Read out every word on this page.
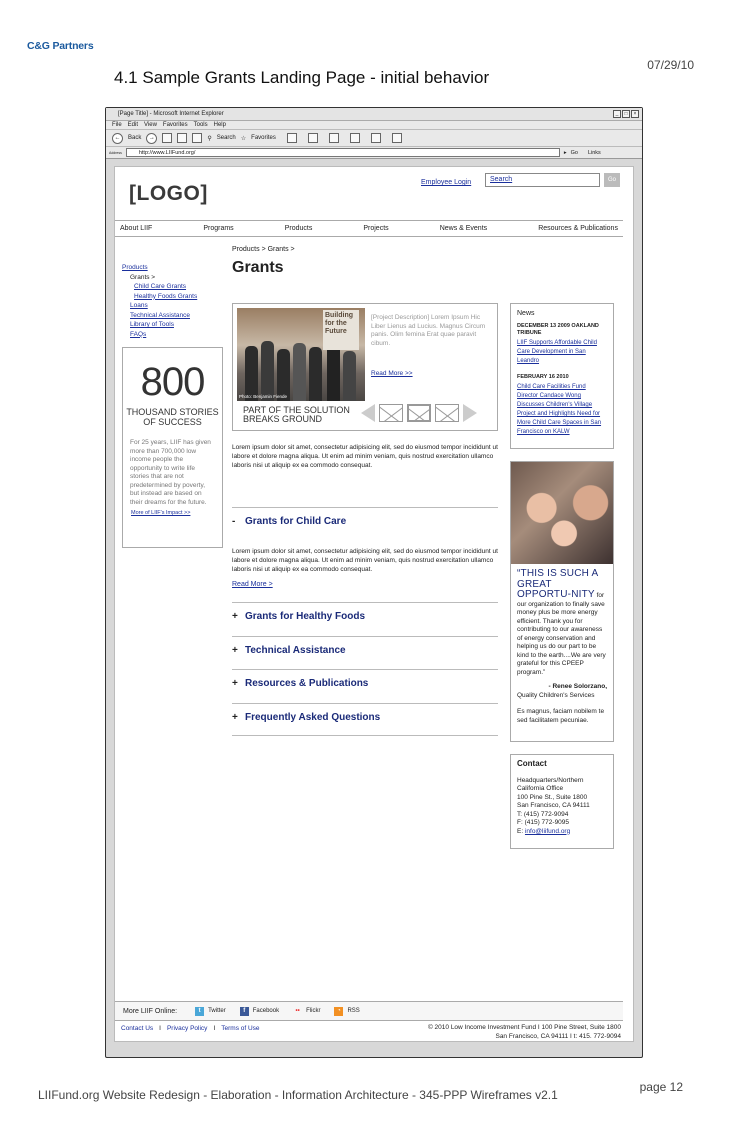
C&G Partners
07/29/10
4.1 Sample Grants Landing Page - initial behavior
[Page Title] - Microsoft Internet Explorer	_	□	×
File Edit View Favorites Tools Help
←	Back	→	⚲ Search ☆ Favorites
Address	http://www.LIIFund.org/	▸ Go Links
[LOGO]	Employee Login	Search	Go
About LIIF	Programs	Products	Projects	News & Events	Resources & Publications
Products > Grants >
Grants
Products
Grants >
Child Care Grants
Healthy Foods Grants
Loans
Technical Assistance
Library of Tools
FAQs
800
THOUSAND STORIES OF SUCCESS
For 25 years, LIIF has given more than 700,000 low income people the opportunity to write life stories that are not predetermined by poverty, but instead are based on their dreams for the future.
More of LIIF's Impact >>
Building for the Future
Photo: Benjamin Fiende
[Project Description] Lorem Ipsum Hic Liber Lienus ad Lucius. Magnus Circum panis. Olim femina Erat quae paravit cibum.
Read More >>
PART OF THE SOLUTION
BREAKS GROUND
Lorem ipsum dolor sit amet, consectetur adipisicing elit, sed do eiusmod tempor incididunt ut labore et dolore magna aliqua. Ut enim ad minim veniam, quis nostrud exercitation ullamco laboris nisi ut aliquip ex ea commodo consequat.
- Grants for Child Care
Lorem ipsum dolor sit amet, consectetur adipisicing elit, sed do eiusmod tempor incididunt ut labore et dolore magna aliqua. Ut enim ad minim veniam, quis nostrud exercitation ullamco laboris nisi ut aliquip ex ea commodo consequat.
Read More >
+ Grants for Healthy Foods
+ Technical Assistance
+ Resources & Publications
+ Frequently Asked Questions
News
DECEMBER 13 2009 OAKLAND TRIBUNE
LIIF Supports Affordable Child Care Development in San Leandro
FEBRUARY 16 2010
Child Care Facilities Fund Director Candace Wong Discusses Children's Village Project and Highlights Need for More Child Care Spaces in San Francisco on KALW
“THIS IS SUCH A GREAT OPPORTU-NITY for our organization to finally save money plus be more energy efficient. Thank you for contributing to our awareness of energy conservation and helping us do our part to be kind to the earth....We are very grateful for this CPEEP program.”
- Renee Solorzano,
Quality Children's Services
Es magnus, faciam nobilem te sed facilitatem pecuniae.
Contact
Headquarters/Northern California Office
100 Pine St., Suite 1800
San Francisco, CA 94111
T: (415) 772-9094
F: (415) 772-9095
E: info@liifund.org
More LIIF Online:	t	Twitter	f	Facebook	••	Flickr	◔	RSS
Contact Us I Privacy Policy I Terms of Use	© 2010 Low Income Investment Fund I 100 Pine Street, Suite 1800
San Francisco, CA 94111 I t: 415. 772-9094
LIIFund.org Website Redesign - Elaboration - Information Architecture - 345-PPP Wireframes v2.1
page 12
